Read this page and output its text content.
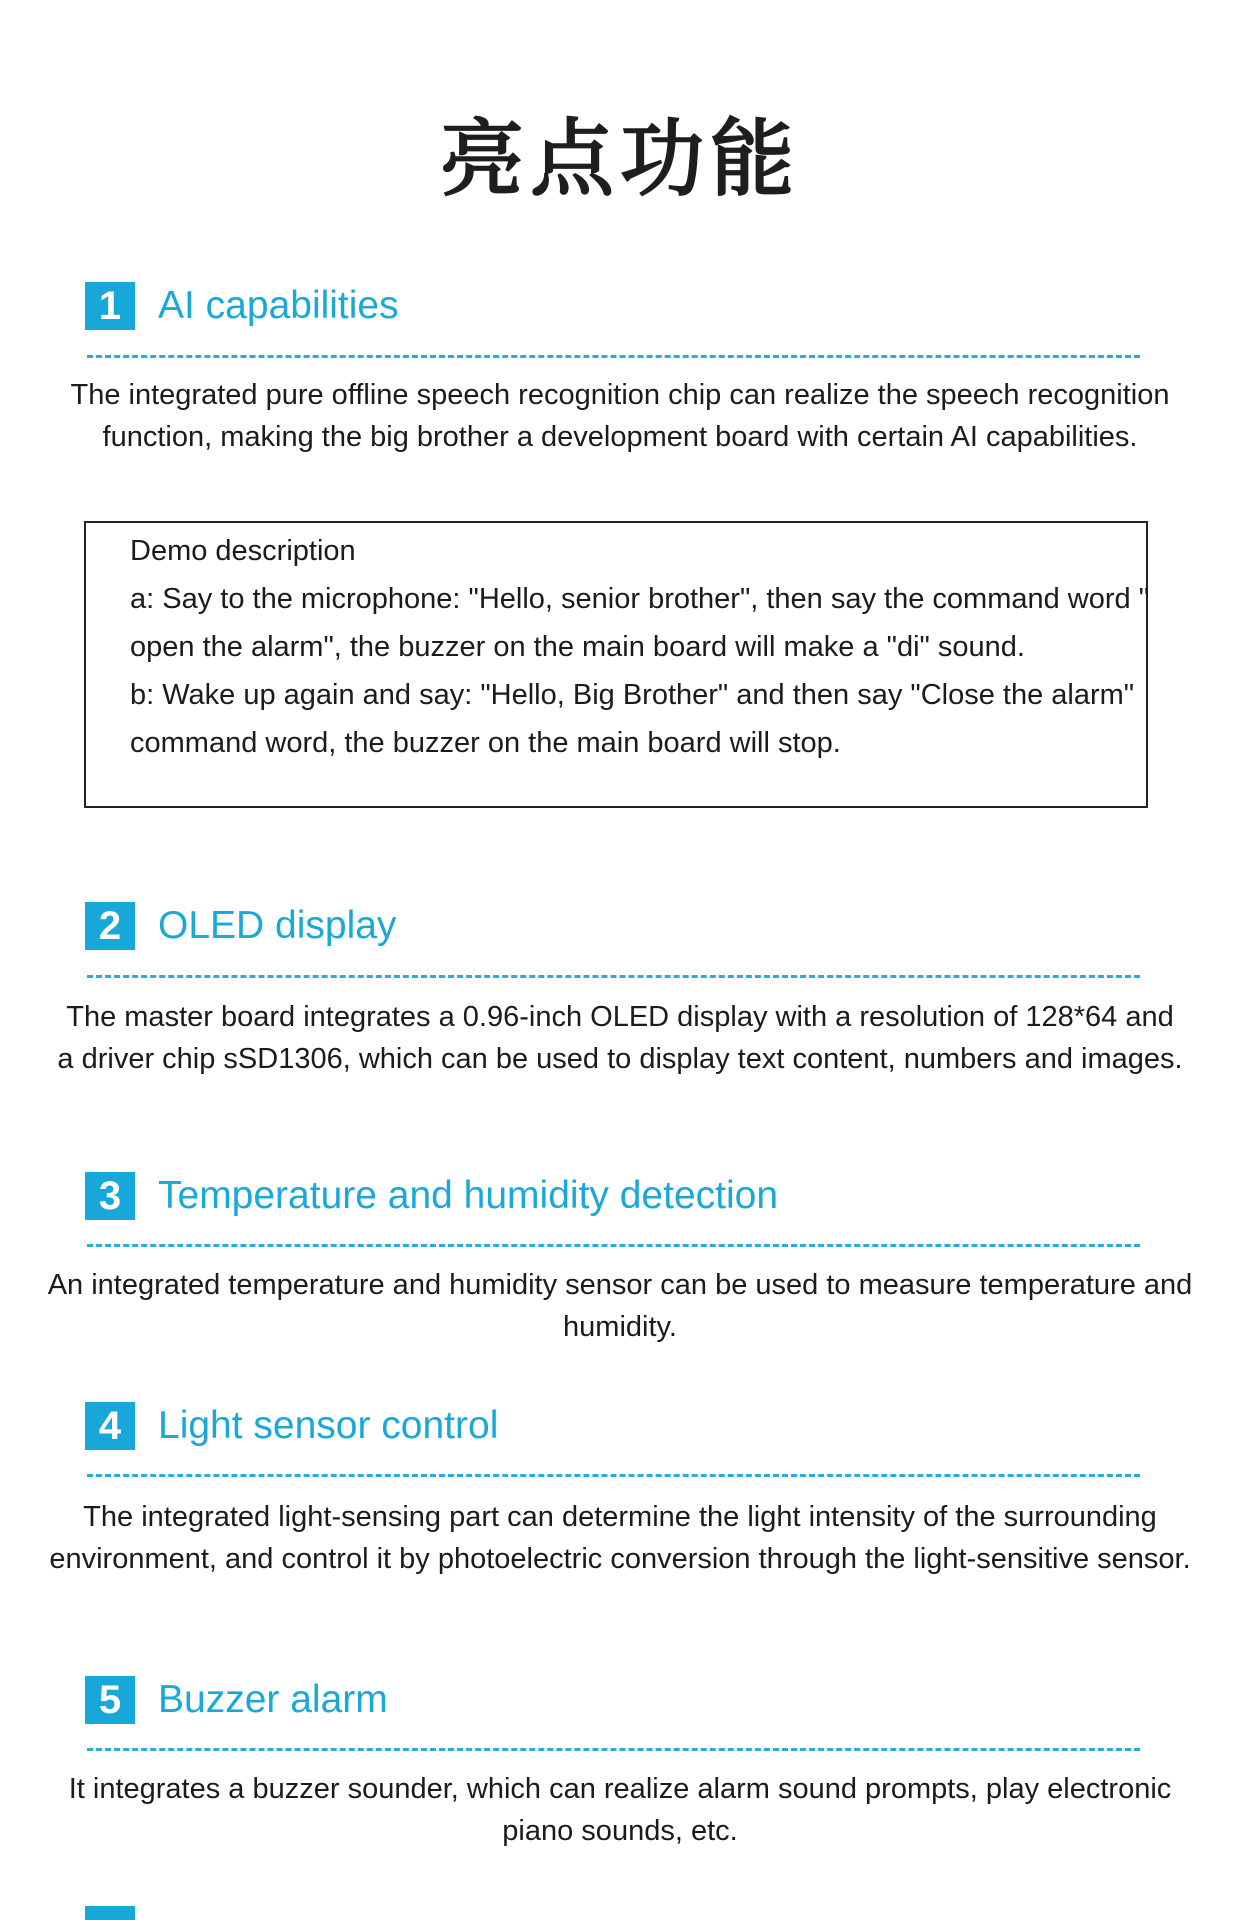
亮点功能
1 AI capabilities
The integrated pure offline speech recognition chip can realize the speech recognition
function, making the big brother a development board with certain AI capabilities.
Demo description
a: Say to the microphone: "Hello, senior brother", then say the command word "
open the alarm", the buzzer on the main board will make a "di" sound.
b: Wake up again and say: "Hello, Big Brother" and then say "Close the alarm"
command word, the buzzer on the main board will stop.
2 OLED display
The master board integrates a 0.96-inch OLED display with a resolution of 128*64 and
a driver chip sSD1306, which can be used to display text content, numbers and images.
3 Temperature and humidity detection
An integrated temperature and humidity sensor can be used to measure temperature and
humidity.
4 Light sensor control
The integrated light-sensing part can determine the light intensity of the surrounding
environment, and control it by photoelectric conversion through the light-sensitive sensor.
5 Buzzer alarm
It integrates a buzzer sounder, which can realize alarm sound prompts, play electronic
piano sounds, etc.
